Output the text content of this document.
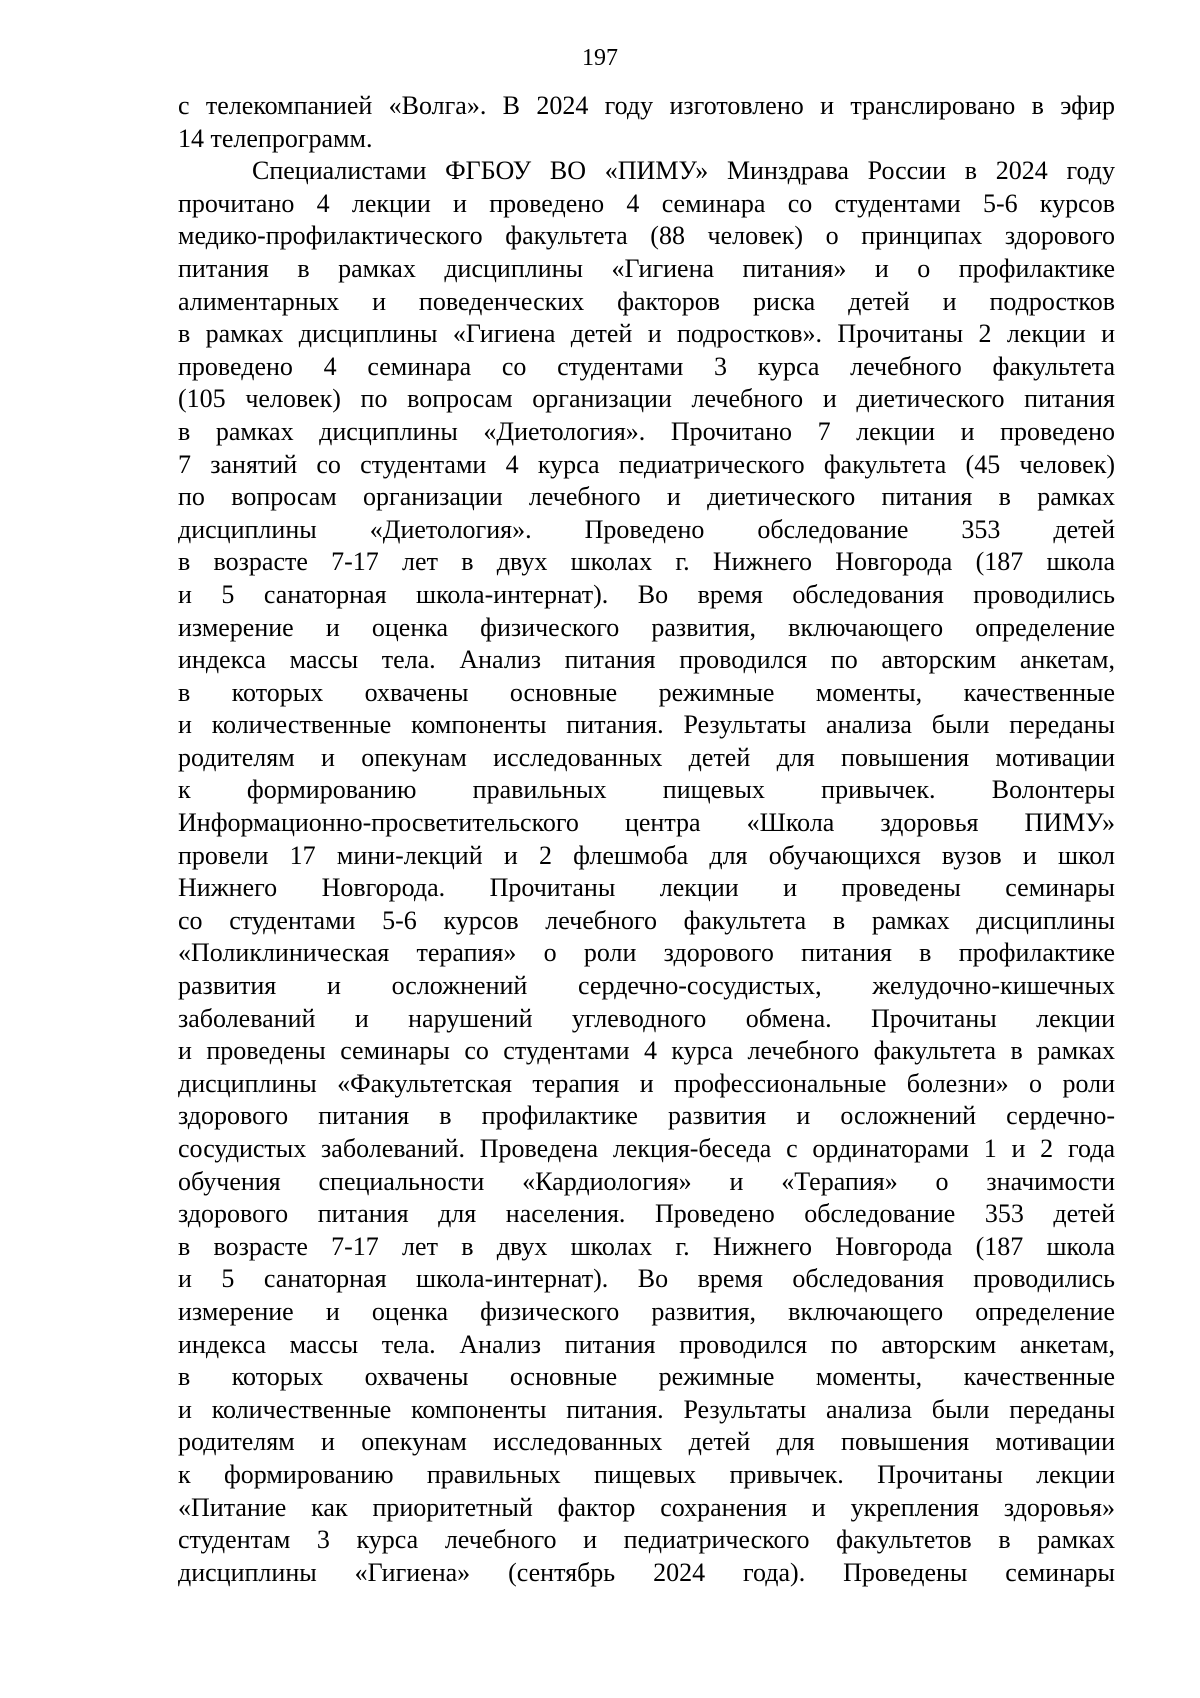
197
с телекомпанией «Волга». В 2024 году изготовлено и транслировано в эфир
14 телепрограмм.
Специалистами ФГБОУ ВО «ПИМУ» Минздрава России в 2024 году
прочитано 4 лекции и проведено 4 семинара со студентами 5-6 курсов
медико-профилактического факультета (88 человек) о принципах здорового
питания в рамках дисциплины «Гигиена питания» и о профилактике
алиментарных и поведенческих факторов риска детей и подростков
в рамках дисциплины «Гигиена детей и подростков». Прочитаны 2 лекции и
проведено 4 семинара со студентами 3 курса лечебного факультета
(105 человек) по вопросам организации лечебного и диетического питания
в рамках дисциплины «Диетология». Прочитано 7 лекции и проведено
7 занятий со студентами 4 курса педиатрического факультета (45 человек)
по вопросам организации лечебного и диетического питания в рамках
дисциплины «Диетология». Проведено обследование 353 детей
в возрасте 7-17 лет в двух школах г. Нижнего Новгорода (187 школа
и 5 санаторная школа-интернат). Во время обследования проводились
измерение и оценка физического развития, включающего определение
индекса массы тела. Анализ питания проводился по авторским анкетам,
в которых охвачены основные режимные моменты, качественные
и количественные компоненты питания. Результаты анализа были переданы
родителям и опекунам исследованных детей для повышения мотивации
к формированию правильных пищевых привычек. Волонтеры
Информационно-просветительского центра «Школа здоровья ПИМУ»
провели 17 мини-лекций и 2 флешмоба для обучающихся вузов и школ
Нижнего Новгорода. Прочитаны лекции и проведены семинары
со студентами 5-6 курсов лечебного факультета в рамках дисциплины
«Поликлиническая терапия» о роли здорового питания в профилактике
развития и осложнений сердечно-сосудистых, желудочно-кишечных
заболеваний и нарушений углеводного обмена. Прочитаны лекции
и проведены семинары со студентами 4 курса лечебного факультета в рамках
дисциплины «Факультетская терапия и профессиональные болезни» о роли
здорового питания в профилактике развития и осложнений сердечно-
сосудистых заболеваний. Проведена лекция-беседа с ординаторами 1 и 2 года
обучения специальности «Кардиология» и «Терапия» о значимости
здорового питания для населения. Проведено обследование 353 детей
в возрасте 7-17 лет в двух школах г. Нижнего Новгорода (187 школа
и 5 санаторная школа-интернат). Во время обследования проводились
измерение и оценка физического развития, включающего определение
индекса массы тела. Анализ питания проводился по авторским анкетам,
в которых охвачены основные режимные моменты, качественные
и количественные компоненты питания. Результаты анализа были переданы
родителям и опекунам исследованных детей для повышения мотивации
к формированию правильных пищевых привычек. Прочитаны лекции
«Питание как приоритетный фактор сохранения и укрепления здоровья»
студентам 3 курса лечебного и педиатрического факультетов в рамках
дисциплины «Гигиена» (сентябрь 2024 года). Проведены семинары
